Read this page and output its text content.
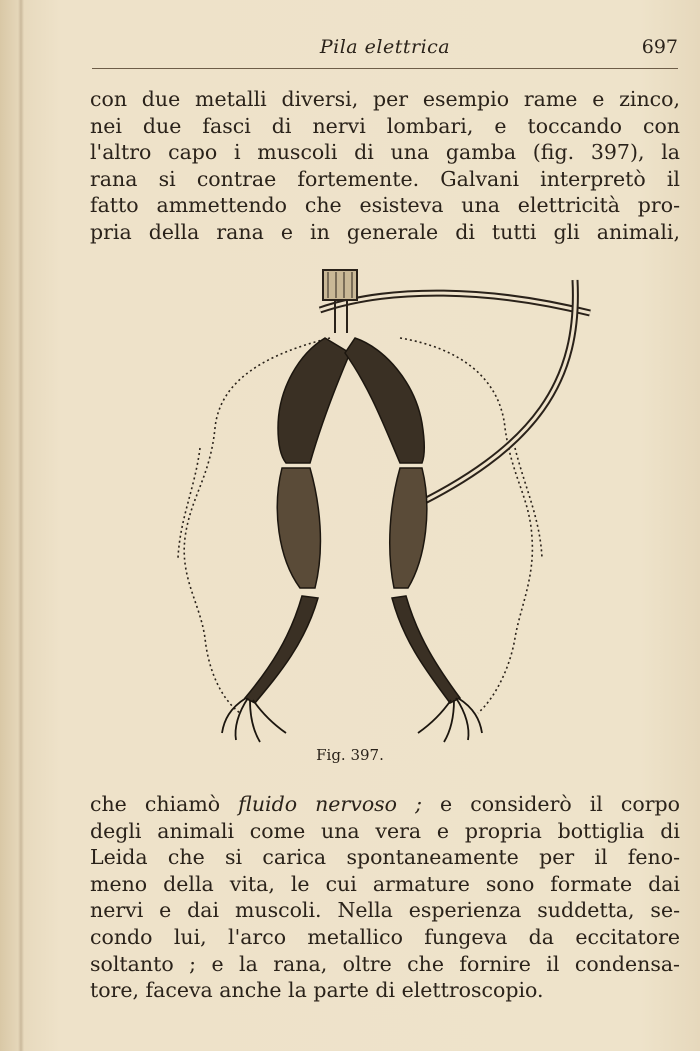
Pila elettrica	697
con due metalli diversi, per esempio rame e zinco,
nei due fasci di nervi lombari, e toccando con
l'altro capo i muscoli di una gamba (fig. 397), la
rana si contrae fortemente. Galvani interpretò il
fatto ammettendo che esisteva una elettricità pro-
pria della rana e in generale di tutti gli animali,
Fig. 397.
che chiamò fluido nervoso ; e considerò il corpo
degli animali come una vera e propria bottiglia di
Leida che si carica spontaneamente per il feno-
meno della vita, le cui armature sono formate dai
nervi e dai muscoli. Nella esperienza suddetta, se-
condo lui, l'arco metallico fungeva da eccitatore
soltanto ; e la rana, oltre che fornire il condensa-
tore, faceva anche la parte di elettroscopio.
